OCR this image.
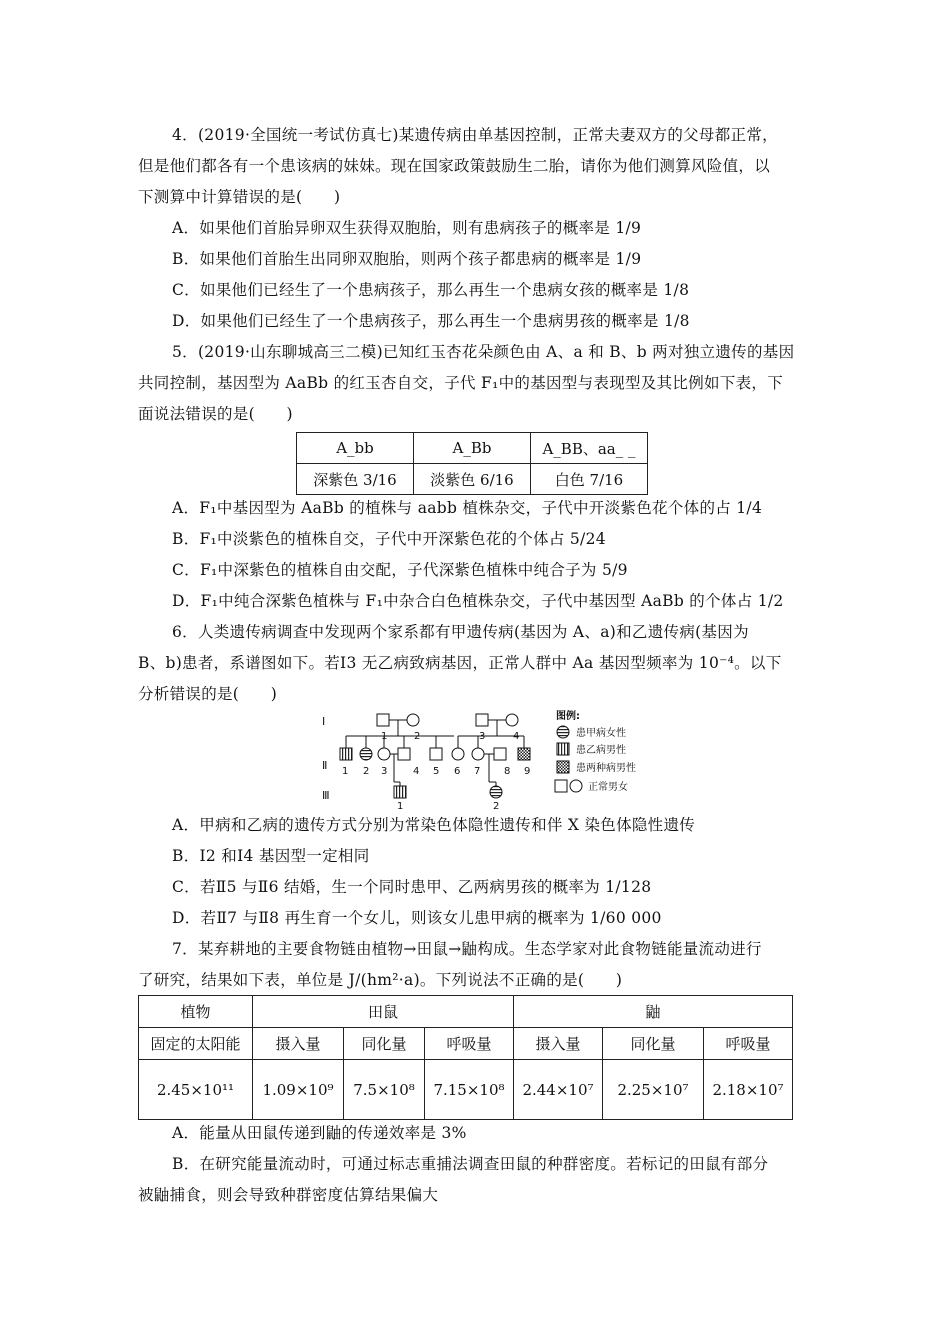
4．(2019·全国统一考试仿真七)某遗传病由单基因控制，正常夫妻双方的父母都正常，
但是他们都各有一个患该病的妹妹。现在国家政策鼓励生二胎，请你为他们测算风险值，以
下测算中计算错误的是(　　)
A．如果他们首胎异卵双生获得双胞胎，则有患病孩子的概率是 1/9
B．如果他们首胎生出同卵双胞胎，则两个孩子都患病的概率是 1/9
C．如果他们已经生了一个患病孩子，那么再生一个患病女孩的概率是 1/8
D．如果他们已经生了一个患病孩子，那么再生一个患病男孩的概率是 1/8
5．(2019·山东聊城高三二模)已知红玉杏花朵颜色由 A、a 和 B、b 两对独立遗传的基因
共同控制，基因型为 AaBb 的红玉杏自交，子代 F₁中的基因型与表现型及其比例如下表，下
面说法错误的是(　　)
A_bb	A_Bb	A_BB、aa_ _
深紫色 3/16	淡紫色 6/16	白色 7/16
A．F₁中基因型为 AaBb 的植株与 aabb 植株杂交，子代中开淡紫色花个体的占 1/4
B．F₁中淡紫色的植株自交，子代中开深紫色花的个体占 5/24
C．F₁中深紫色的植株自由交配，子代深紫色植株中纯合子为 5/9
D．F₁中纯合深紫色植株与 F₁中杂合白色植株杂交，子代中基因型 AaBb 的个体占 1/2
6．人类遗传病调查中发现两个家系都有甲遗传病(基因为 A、a)和乙遗传病(基因为
B、b)患者，系谱图如下。若Ⅰ3 无乙病致病基因，正常人群中 Aa 基因型频率为 10⁻⁴。以下
分析错误的是(　　)
Ⅰ
Ⅱ
Ⅲ
1	2
1 2 3	4 5
1
3	4
6 7 8 9
2
图例:
患甲病女性
患乙病男性
患两种病男性
正常男女
A．甲病和乙病的遗传方式分别为常染色体隐性遗传和伴 X 染色体隐性遗传
B．Ⅰ2 和Ⅰ4 基因型一定相同
C．若Ⅱ5 与Ⅱ6 结婚，生一个同时患甲、乙两病男孩的概率为 1/128
D．若Ⅱ7 与Ⅱ8 再生育一个女儿，则该女儿患甲病的概率为 1/60 000
7．某弃耕地的主要食物链由植物→田鼠→鼬构成。生态学家对此食物链能量流动进行
了研究，结果如下表，单位是 J/(hm²·a)。下列说法不正确的是(　　)
植物	田鼠			鼬		
固定的太阳能	摄入量	同化量	呼吸量	摄入量	同化量	呼吸量
2.45×10¹¹	1.09×10⁹	7.5×10⁸	7.15×10⁸	2.44×10⁷	2.25×10⁷	2.18×10⁷
A．能量从田鼠传递到鼬的传递效率是 3%
B．在研究能量流动时，可通过标志重捕法调查田鼠的种群密度。若标记的田鼠有部分
被鼬捕食，则会导致种群密度估算结果偏大
